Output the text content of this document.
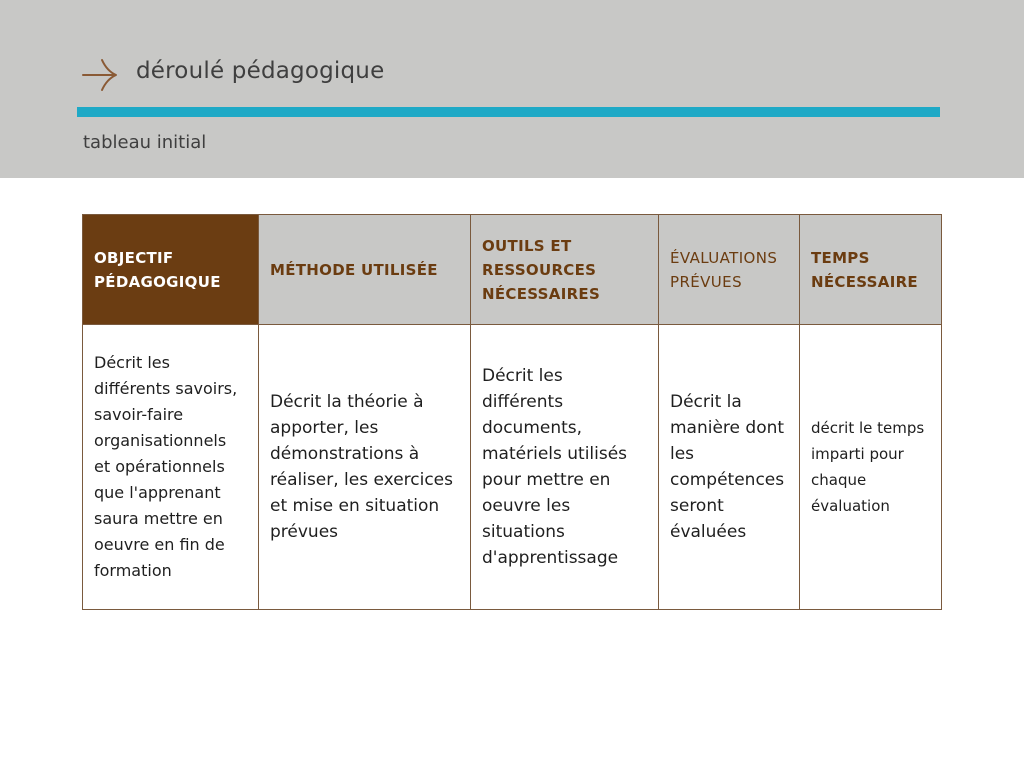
déroulé pédagogique
tableau initial
OBJECTIF PÉDAGOGIQUE	MÉTHODE UTILISÉE	OUTILS ET RESSOURCES NÉCESSAIRES	ÉVALUATIONS PRÉVUES	TEMPS NÉCESSAIRE
Décrit les différents savoirs, savoir-faire organisationnels et opérationnels que l'apprenant saura mettre en oeuvre en fin de formation	Décrit la théorie à apporter, les démonstrations à réaliser, les exercices et mise en situation prévues	Décrit les différents documents, matériels utilisés pour mettre en oeuvre les situations d'apprentissage	Décrit la manière dont les compétences seront évaluées	décrit le temps imparti pour chaque évaluation
